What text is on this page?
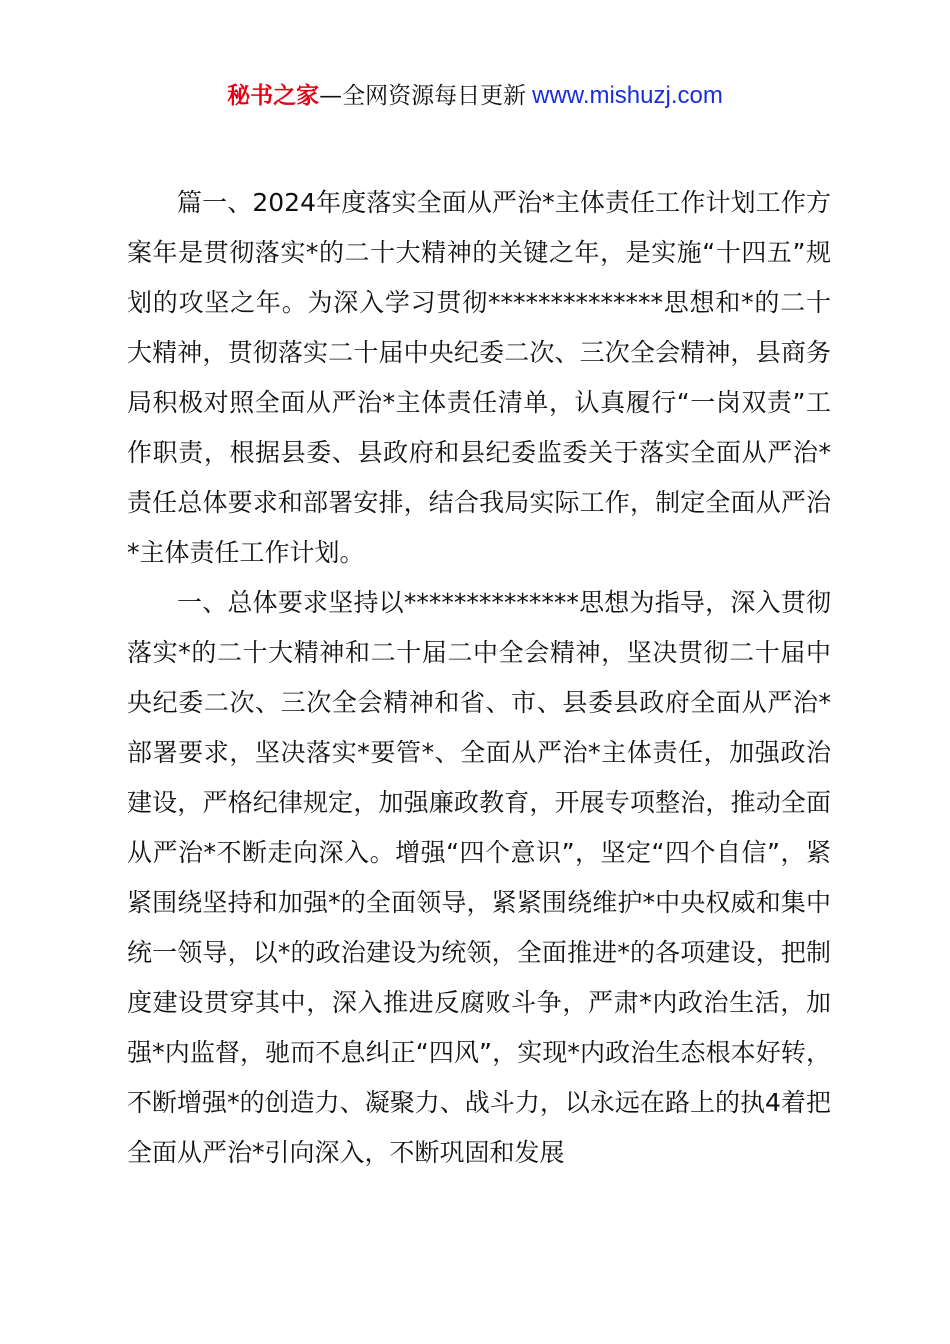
秘书之家—全网资源每日更新 www.mishuzj.com

篇一、2024年度落实全面从严治*主体责任工作计划工作方案年是贯彻落实*的二十大精神的关键之年，是实施“十四五”规划的攻坚之年。为深入学习贯彻**************思想和*的二十大精神，贯彻落实二十届中央纪委二次、三次全会精神，县商务局积极对照全面从严治*主体责任清单，认真履行“一岗双责”工作职责，根据县委、县政府和县纪委监委关于落实全面从严治*责任总体要求和部署安排，结合我局实际工作，制定全面从严治*主体责任工作计划。

一、总体要求坚持以**************思想为指导，深入贯彻落实*的二十大精神和二十届二中全会精神，坚决贯彻二十届中央纪委二次、三次全会精神和省、市、县委县政府全面从严治*部署要求，坚决落实*要管*、全面从严治*主体责任，加强政治建设，严格纪律规定，加强廉政教育，开展专项整治，推动全面从严治*不断走向深入。增强“四个意识”，坚定“四个自信”，紧紧围绕坚持和加强*的全面领导，紧紧围绕维护*中央权威和集中统一领导，以*的政治建设为统领，全面推进*的各项建设，把制度建设贯穿其中，深入推进反腐败斗争，严肃*内政治生活，加强*内监督，驰而不息纠正“四风”，实现*内政治生态根本好转，不断增强*的创造力、凝聚力、战斗力，以永远在路上的执4着把全面从严治*引向深入，不断巩固和发展
